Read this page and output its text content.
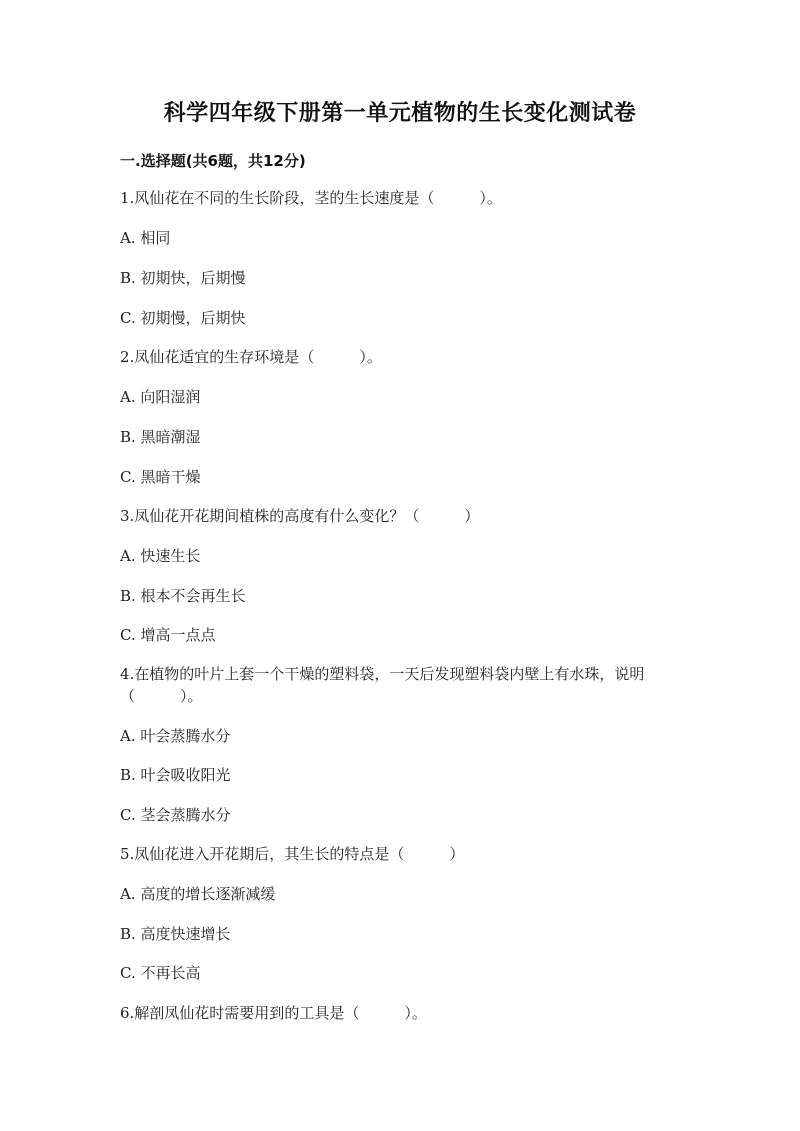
科学四年级下册第一单元植物的生长变化测试卷
一.选择题(共6题，共12分)
1.风仙花在不同的生长阶段，茎的生长速度是（　　　）。
A. 相同
B. 初期快，后期慢
C. 初期慢，后期快
2.凤仙花适宜的生存环境是（　　　）。
A. 向阳湿润
B. 黑暗潮湿
C. 黑暗干燥
3.凤仙花开花期间植株的高度有什么变化？（　　　）
A. 快速生长
B. 根本不会再生长
C. 增高一点点
4.在植物的叶片上套一个干燥的塑料袋，一天后发现塑料袋内壁上有水珠，说明（　　　）。
A. 叶会蒸腾水分
B. 叶会吸收阳光
C. 茎会蒸腾水分
5.凤仙花进入开花期后，其生长的特点是（　　　）
A. 高度的增长逐渐减缓
B. 高度快速增长
C. 不再长高
6.解剖凤仙花时需要用到的工具是（　　　）。
